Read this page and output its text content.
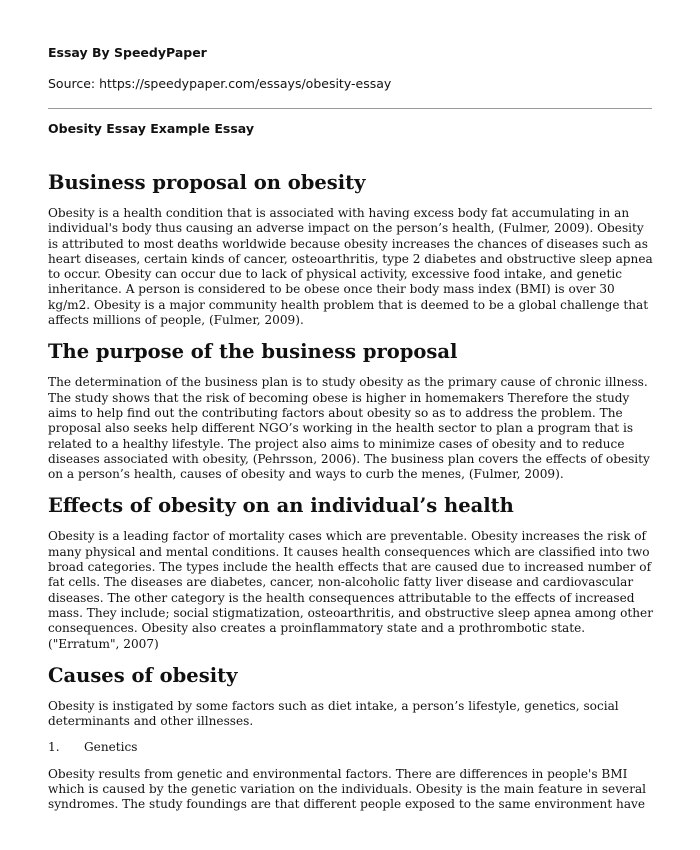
Essay By SpeedyPaper

Source: https://speedypaper.com/essays/obesity-essay

Obesity Essay Example Essay

Business proposal on obesity

Obesity is a health condition that is associated with having excess body fat accumulating in an individual's body thus causing an adverse impact on the person’s health, (Fulmer, 2009). Obesity is attributed to most deaths worldwide because obesity increases the chances of diseases such as heart diseases, certain kinds of cancer, osteoarthritis, type 2 diabetes and obstructive sleep apnea to occur. Obesity can occur due to lack of physical activity, excessive food intake, and genetic inheritance. A person is considered to be obese once their body mass index (BMI) is over 30 kg/m2. Obesity is a major community health problem that is deemed to be a global challenge that affects millions of people, (Fulmer, 2009).

The purpose of the business proposal

The determination of the business plan is to study obesity as the primary cause of chronic illness. The study shows that the risk of becoming obese is higher in homemakers Therefore the study aims to help find out the contributing factors about obesity so as to address the problem. The proposal also seeks help different NGO’s working in the health sector to plan a program that is related to a healthy lifestyle. The project also aims to minimize cases of obesity and to reduce diseases associated with obesity, (Pehrsson, 2006). The business plan covers the effects of obesity on a person’s health, causes of obesity and ways to curb the menes, (Fulmer, 2009).

Effects of obesity on an individual’s health

Obesity is a leading factor of mortality cases which are preventable. Obesity increases the risk of many physical and mental conditions. It causes health consequences which are classified into two broad categories. The types include the health effects that are caused due to increased number of fat cells. The diseases are diabetes, cancer, non-alcoholic fatty liver disease and cardiovascular diseases. The other category is the health consequences attributable to the effects of increased mass. They include; social stigmatization, osteoarthritis, and obstructive sleep apnea among other consequences. Obesity also creates a proinflammatory state and a prothrombotic state. ("Erratum", 2007)

Causes of obesity

Obesity is instigated by some factors such as diet intake, a person’s lifestyle, genetics, social determinants and other illnesses.

1. Genetics

Obesity results from genetic and environmental factors. There are differences in people's BMI which is caused by the genetic variation on the individuals. Obesity is the main feature in several syndromes. The study foundings are that different people exposed to the same environment have
